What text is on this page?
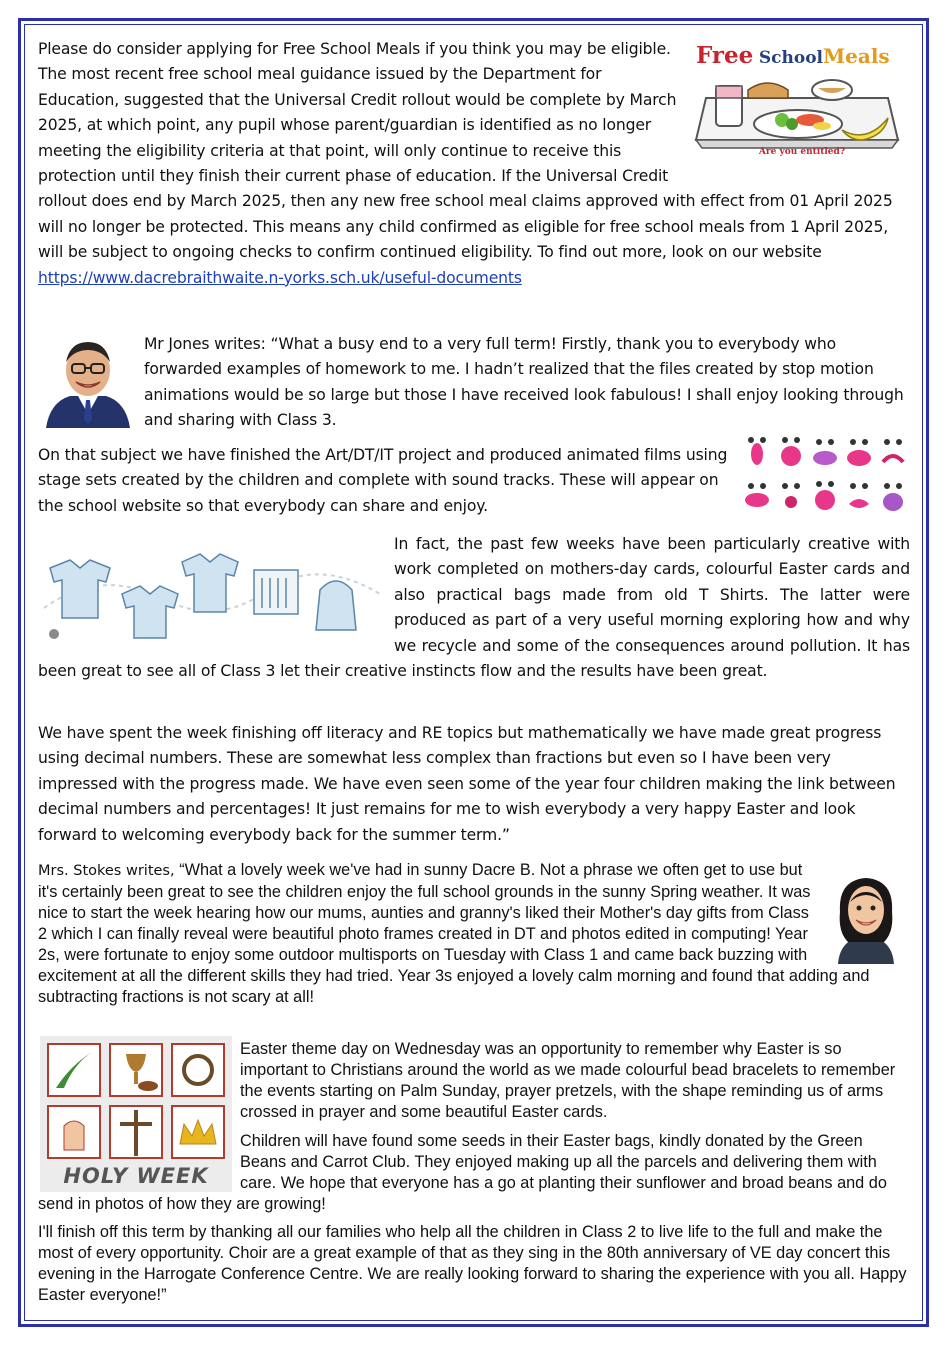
Free SchoolMeals
Are you entitled?
Please do consider applying for Free School Meals if you think you may be eligible. The most recent free school meal guidance issued by the Department for Education, suggested that the Universal Credit rollout would be complete by March 2025, at which point, any pupil whose parent/guardian is identified as no longer meeting the eligibility criteria at that point, will only continue to receive this protection until they finish their current phase of education. If the Universal Credit rollout does end by March 2025, then any new free school meal claims approved with effect from 01 April 2025 will no longer be protected. This means any child confirmed as eligible for free school meals from 1 April 2025, will be subject to ongoing checks to confirm continued eligibility. To find out more, look on our website https://www.dacrebraithwaite.n-yorks.sch.uk/useful-documents
Mr Jones writes: “What a busy end to a very full term! Firstly, thank you to everybody who forwarded examples of homework to me. I hadn’t realized that the files created by stop motion animations would be so large but those I have received look fabulous! I shall enjoy looking through and sharing with Class 3.
On that subject we have finished the Art/DT/IT project and produced animated films using stage sets created by the children and complete with sound tracks. These will appear on the school website so that everybody can share and enjoy.
In fact, the past few weeks have been particularly creative with work completed on mothers-day cards, colourful Easter cards and also practical bags made from old T Shirts. The latter were produced as part of a very useful morning exploring how and why we recycle and some of the consequences around pollution. It has been great to see all of Class 3 let their creative instincts flow and the results have been great.
We have spent the week finishing off literacy and RE topics but mathematically we have made great progress using decimal numbers. These are somewhat less complex than fractions but even so I have been very impressed with the progress made. We have even seen some of the year four children making the link between decimal numbers and percentages! It just remains for me to wish everybody a very happy Easter and look forward to welcoming everybody back for the summer term.”
Mrs. Stokes writes, “What a lovely week we've had in sunny Dacre B. Not a phrase we often get to use but it's certainly been great to see the children enjoy the full school grounds in the sunny Spring weather. It was nice to start the week hearing how our mums, aunties and granny's liked their Mother's day gifts from Class 2 which I can finally reveal were beautiful photo frames created in DT and photos edited in computing! Year 2s, were fortunate to enjoy some outdoor multisports on Tuesday with Class 1 and came back buzzing with excitement at all the different skills they had tried. Year 3s enjoyed a lovely calm morning and found that adding and subtracting fractions is not scary at all!
HOLY WEEK
Easter theme day on Wednesday was an opportunity to remember why Easter is so important to Christians around the world as we made colourful bead bracelets to remember the events starting on Palm Sunday, prayer pretzels, with the shape reminding us of arms crossed in prayer and some beautiful Easter cards.
Children will have found some seeds in their Easter bags, kindly donated by the Green Beans and Carrot Club. They enjoyed making up all the parcels and delivering them with care. We hope that everyone has a go at planting their sunflower and broad beans and do send in photos of how they are growing!
I'll finish off this term by thanking all our families who help all the children in Class 2 to live life to the full and make the most of every opportunity. Choir are a great example of that as they sing in the 80th anniversary of VE day concert this evening in the Harrogate Conference Centre. We are really looking forward to sharing the experience with you all. Happy Easter everyone!”
